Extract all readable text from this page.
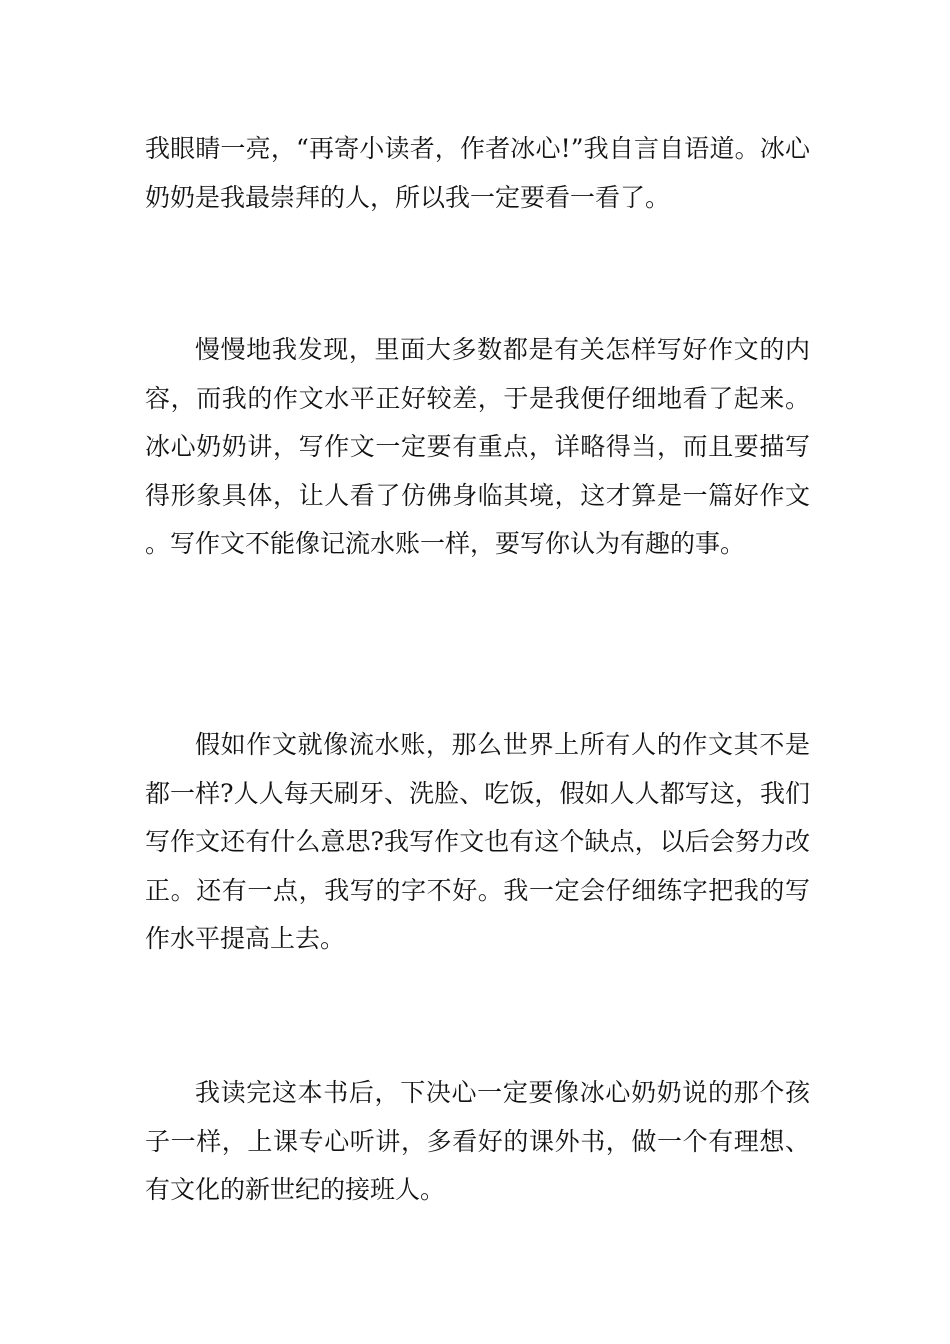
我眼睛一亮，“再寄小读者，作者冰心!”我自言自语道。冰心奶奶是我最崇拜的人，所以我一定要看一看了。

慢慢地我发现，里面大多数都是有关怎样写好作文的内容，而我的作文水平正好较差，于是我便仔细地看了起来。冰心奶奶讲，写作文一定要有重点，详略得当，而且要描写得形象具体，让人看了仿佛身临其境，这才算是一篇好作文。写作文不能像记流水账一样，要写你认为有趣的事。

假如作文就像流水账，那么世界上所有人的作文其不是都一样?人人每天刷牙、洗脸、吃饭，假如人人都写这，我们写作文还有什么意思?我写作文也有这个缺点，以后会努力改正。还有一点，我写的字不好。我一定会仔细练字把我的写作水平提高上去。

我读完这本书后，下决心一定要像冰心奶奶说的那个孩子一样，上课专心听讲，多看好的课外书，做一个有理想、有文化的新世纪的接班人。
